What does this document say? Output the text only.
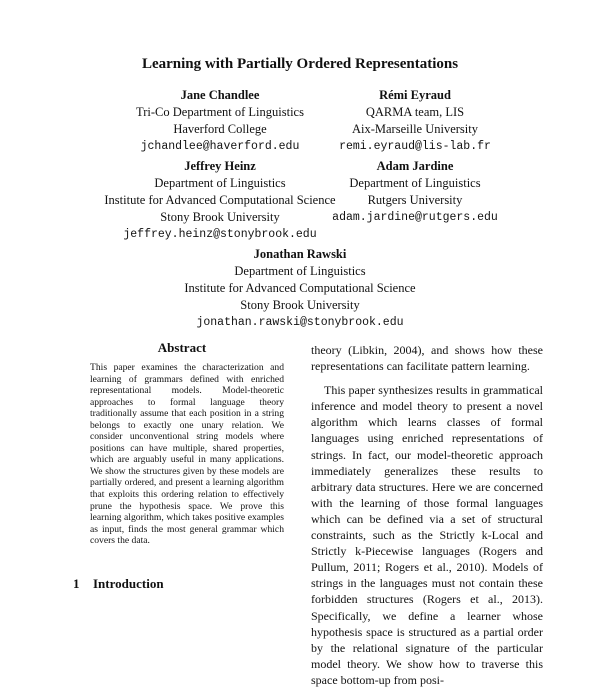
Learning with Partially Ordered Representations
Jane Chandlee
Tri-Co Department of Linguistics
Haverford College
jchandlee@haverford.edu
Rémi Eyraud
QARMA team, LIS
Aix-Marseille University
remi.eyraud@lis-lab.fr
Jeffrey Heinz
Department of Linguistics
Institute for Advanced Computational Science
Stony Brook University
jeffrey.heinz@stonybrook.edu
Adam Jardine
Department of Linguistics
Rutgers University
adam.jardine@rutgers.edu
Jonathan Rawski
Department of Linguistics
Institute for Advanced Computational Science
Stony Brook University
jonathan.rawski@stonybrook.edu
Abstract
This paper examines the characterization and learning of grammars defined with enriched representational models. Model-theoretic approaches to formal language theory traditionally assume that each position in a string belongs to exactly one unary relation. We consider unconventional string models where positions can have multiple, shared properties, which are arguably useful in many applications. We show the structures given by these models are partially ordered, and present a learning algorithm that exploits this ordering relation to effectively prune the hypothesis space. We prove this learning algorithm, which takes positive examples as input, finds the most general grammar which covers the data.
1 Introduction

theory (Libkin, 2004), and shows how these representations can facilitate pattern learning.

This paper synthesizes results in grammatical inference and model theory to present a novel algorithm which learns classes of formal languages using enriched representations of strings. In fact, our model-theoretic approach immediately generalizes these results to arbitrary data structures. Here we are concerned with the learning of those formal languages which can be defined via a set of structural constraints, such as the Strictly k-Local and Strictly k-Piecewise languages (Rogers and Pullum, 2011; Rogers et al., 2010). Models of strings in the languages must not contain these forbidden structures (Rogers et al., 2013). Specifically, we define a learner whose hypothesis space is structured as a partial order by the relational signature of the particular model theory. We show how to traverse this space bottom-up from posi-
